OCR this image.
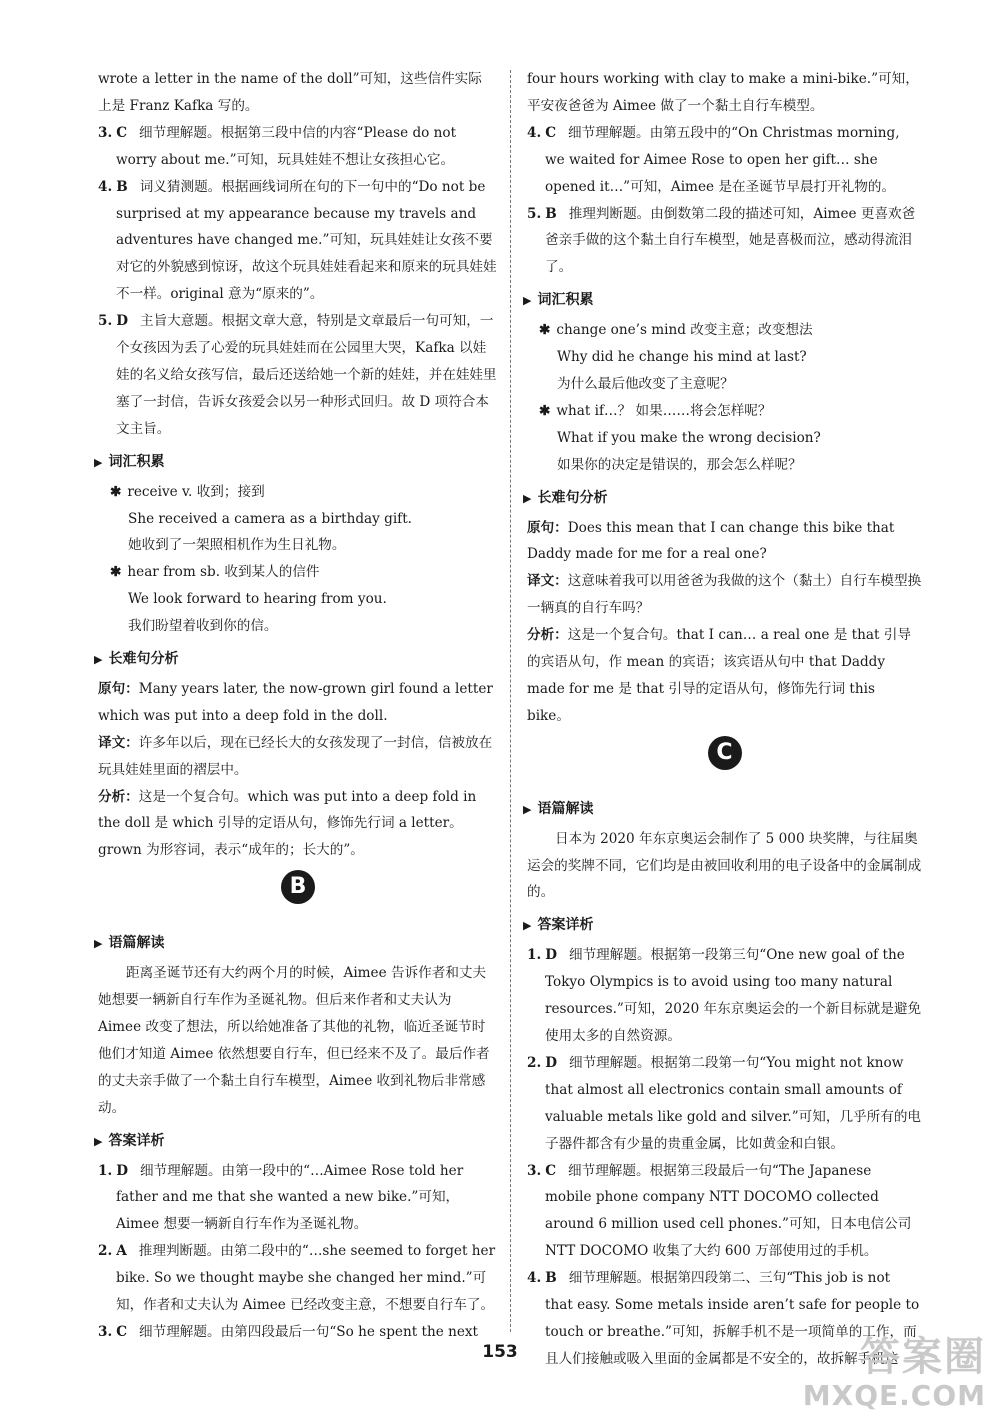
wrote a letter in the name of the doll”可知，这些信件实际

上是 Franz Kafka 写的。

3. C 细节理解题。根据第三段中信的内容“Please do not worry about me.”可知，玩具娃娃不想让女孩担心它。

4. B 词义猜测题。根据画线词所在句的下一句中的“Do not be surprised at my appearance because my travels and adventures have changed me.”可知，玩具娃娃让女孩不要对它的外貌感到惊讶，故这个玩具娃娃看起来和原来的玩具娃娃不一样。original 意为“原来的”。

5. D 主旨大意题。根据文章大意，特别是文章最后一句可知，一个女孩因为丢了心爱的玩具娃娃而在公园里大哭，Kafka 以娃娃的名义给女孩写信，最后还送给她一个新的娃娃，并在娃娃里塞了一封信，告诉女孩爱会以另一种形式回归。故 D 项符合本文主旨。

▶ 词汇积累

✱ receive v. 收到；接到

She received a camera as a birthday gift.

她收到了一架照相机作为生日礼物。

✱ hear from sb. 收到某人的信件

We look forward to hearing from you.

我们盼望着收到你的信。

▶ 长难句分析

原句：Many years later, the now-grown girl found a letter which was put into a deep fold in the doll.

译文：许多年以后，现在已经长大的女孩发现了一封信，信被放在玩具娃娃里面的褶层中。

分析：这是一个复合句。which was put into a deep fold in the doll 是 which 引导的定语从句，修饰先行词 a letter。grown 为形容词，表示“成年的；长大的”。

B
▶ 语篇解读

距离圣诞节还有大约两个月的时候，Aimee 告诉作者和丈夫她想要一辆新自行车作为圣诞礼物。但后来作者和丈夫认为 Aimee 改变了想法，所以给她准备了其他的礼物，临近圣诞节时他们才知道 Aimee 依然想要自行车，但已经来不及了。最后作者的丈夫亲手做了一个黏土自行车模型，Aimee 收到礼物后非常感动。

▶ 答案详析

1. D 细节理解题。由第一段中的“…Aimee Rose told her father and me that she wanted a new bike.”可知，Aimee 想要一辆新自行车作为圣诞礼物。

2. A 推理判断题。由第二段中的“…she seemed to forget her bike. So we thought maybe she changed her mind.”可知，作者和丈夫认为 Aimee 已经改变主意，不想要自行车了。

3. C 细节理解题。由第四段最后一句“So he spent the next

four hours working with clay to make a mini-bike.”可知，

平安夜爸爸为 Aimee 做了一个黏土自行车模型。

4. C 细节理解题。由第五段中的“On Christmas morning, we waited for Aimee Rose to open her gift… she opened it…”可知，Aimee 是在圣诞节早晨打开礼物的。

5. B 推理判断题。由倒数第二段的描述可知，Aimee 更喜欢爸爸亲手做的这个黏土自行车模型，她是喜极而泣，感动得流泪了。

▶ 词汇积累

✱ change one’s mind 改变主意；改变想法

Why did he change his mind at last?

为什么最后他改变了主意呢？

✱ what if…？ 如果……将会怎样呢？

What if you make the wrong decision?

如果你的决定是错误的，那会怎么样呢？

▶ 长难句分析

原句：Does this mean that I can change this bike that Daddy made for me for a real one?

译文：这意味着我可以用爸爸为我做的这个（黏土）自行车模型换一辆真的自行车吗？

分析：这是一个复合句。that I can… a real one 是 that 引导的宾语从句，作 mean 的宾语；该宾语从句中 that Daddy made for me 是 that 引导的定语从句，修饰先行词 this bike。

C
▶ 语篇解读

日本为 2020 年东京奥运会制作了 5 000 块奖牌，与往届奥运会的奖牌不同，它们均是由被回收利用的电子设备中的金属制成的。

▶ 答案详析

1. D 细节理解题。根据第一段第三句“One new goal of the Tokyo Olympics is to avoid using too many natural resources.”可知，2020 年东京奥运会的一个新目标就是避免使用太多的自然资源。

2. D 细节理解题。根据第二段第一句“You might not know that almost all electronics contain small amounts of valuable metals like gold and silver.”可知，几乎所有的电子器件都含有少量的贵重金属，比如黄金和白银。

3. C 细节理解题。根据第三段最后一句“The Japanese mobile phone company NTT DOCOMO collected around 6 million used cell phones.”可知，日本电信公司 NTT DOCOMO 收集了大约 600 万部使用过的手机。

4. B 细节理解题。根据第四段第二、三句“This job is not that easy. Some metals inside aren’t safe for people to touch or breathe.”可知，拆解手机不是一项简单的工作，而且人们接触或吸入里面的金属都是不安全的，故拆解手机这

153	答案圈
MXQE.COM
